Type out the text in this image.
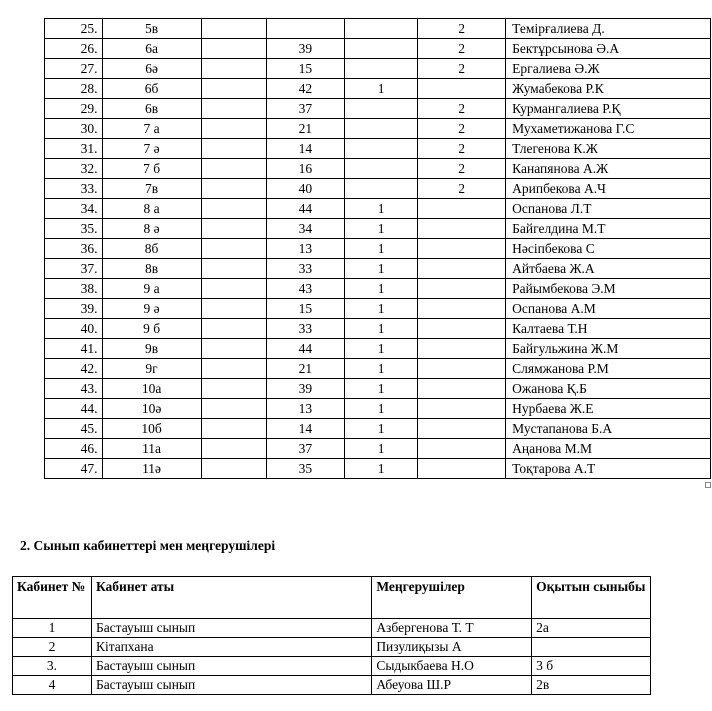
25.	5в				2	Темірғалиева Д.
26.	6а		39		2	Бектұрсынова Ә.А
27.	6ә		15		2	Ергалиева Ә.Ж
28.	6б		42	1		Жумабекова Р.К
29.	6в		37		2	Курмангалиева Р.Қ
30.	7 а		21		2	Мухаметижанова Г.С
31.	7 ә		14		2	Тлегенова К.Ж
32.	7 б		16		2	Канапянова А.Ж
33.	7в		40		2	Арипбекова А.Ч
34.	8 а		44	1		Оспанова Л.Т
35.	8 ә		34	1		Байгелдина М.Т
36.	8б		13	1		Нәсіпбекова С
37.	8в		33	1		Айтбаева Ж.А
38.	9 а		43	1		Райымбекова Э.М
39.	9 ә		15	1		Оспанова А.М
40.	9 б		33	1		Калтаева Т.Н
41.	9в		44	1		Байгульжина Ж.М
42.	9г		21	1		Слямжанова Р.М
43.	10а		39	1		Ожанова Қ.Б
44.	10ә		13	1		Нурбаева Ж.Е
45.	10б		14	1		Мустапанова Б.А
46.	11а		37	1		Аңанова М.М
47.	11ә		35	1		Тоқтарова А.Т
2. Сынып кабинеттері мен меңгерушілері
Кабинет №	Кабинет аты	Меңгерушілер	Оқытын сыныбы
1	Бастауыш сынып	Азбергенова Т. Т	2а
2	Кітапхана	Пизулиқызы А	
3.	Бастауыш сынып	Сыдыкбаева Н.О	3 б
4	Бастауыш сынып	Абеуова Ш.Р	2в
